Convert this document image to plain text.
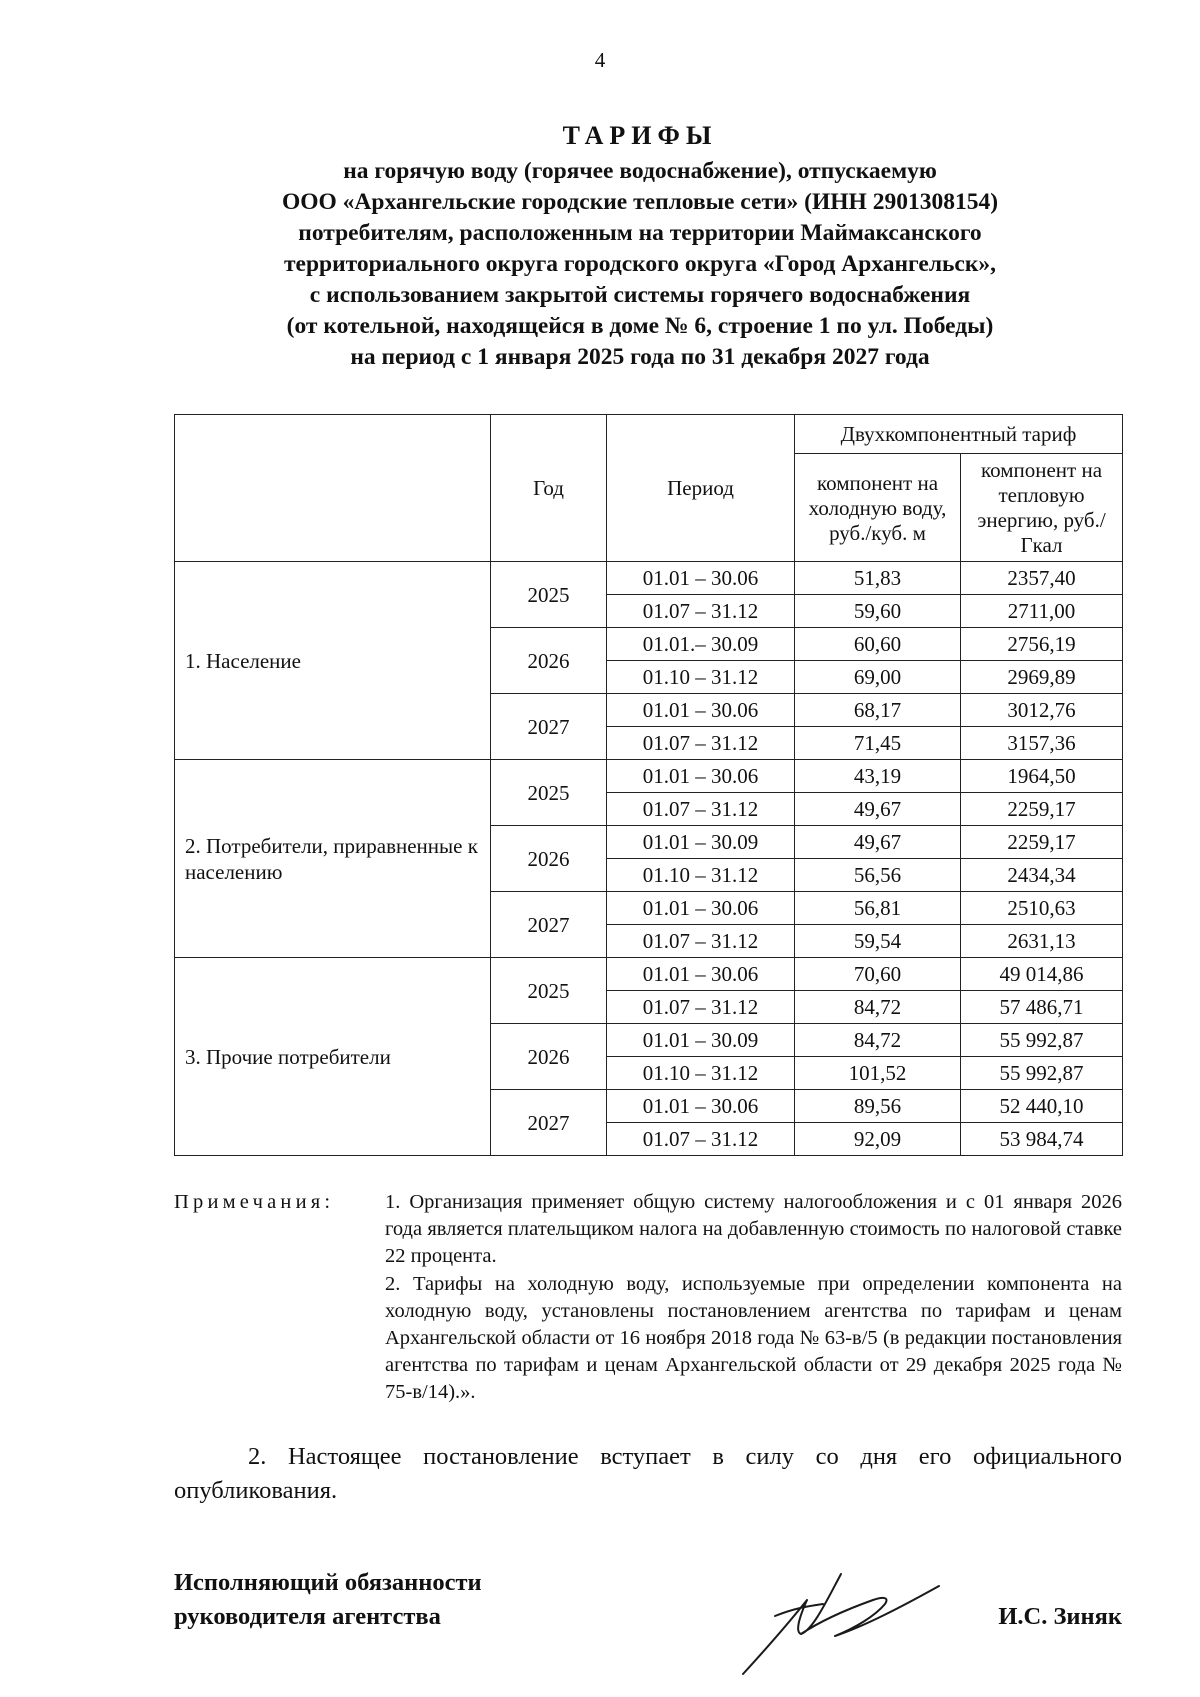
4
ТАРИФЫ
на горячую воду (горячее водоснабжение), отпускаемую
ООО «Архангельские городские тепловые сети» (ИНН 2901308154)
потребителям, расположенным на территории Маймаксанского
территориального округа городского округа «Город Архангельск»,
с использованием закрытой системы горячего водоснабжения
(от котельной, находящейся в доме № 6, строение 1 по ул. Победы)
на период с 1 января 2025 года по 31 декабря 2027 года
	Год	Период	Двухкомпонентный тариф	
			компонент на холодную воду, руб./куб. м	компонент на тепловую энергию, руб./Гкал
1. Население	2025	01.01 – 30.06	51,83	2357,40
		01.07 – 31.12	59,60	2711,00
	2026	01.01.– 30.09	60,60	2756,19
		01.10 – 31.12	69,00	2969,89
	2027	01.01 – 30.06	68,17	3012,76
		01.07 – 31.12	71,45	3157,36
2. Потребители, приравненные к населению	2025	01.01 – 30.06	43,19	1964,50
		01.07 – 31.12	49,67	2259,17
	2026	01.01 – 30.09	49,67	2259,17
		01.10 – 31.12	56,56	2434,34
	2027	01.01 – 30.06	56,81	2510,63
		01.07 – 31.12	59,54	2631,13
3. Прочие потребители	2025	01.01 – 30.06	70,60	49 014,86
		01.07 – 31.12	84,72	57 486,71
	2026	01.01 – 30.09	84,72	55 992,87
		01.10 – 31.12	101,52	55 992,87
	2027	01.01 – 30.06	89,56	52 440,10
		01.07 – 31.12	92,09	53 984,74
Примечания: 1. Организация применяет общую систему налогообложения и с 01 января 2026 года является плательщиком налога на добавленную стоимость по налоговой ставке 22 процента.
2. Тарифы на холодную воду, используемые при определении компонента на холодную воду, установлены постановлением агентства по тарифам и ценам Архангельской области от 16 ноября 2018 года № 63-в/5 (в редакции постановления агентства по тарифам и ценам Архангельской области от 29 декабря 2025 года № 75-в/14).».
2. Настоящее постановление вступает в силу со дня его официального опубликования.
Исполняющий обязанности
руководителя агентства	И.С. Зиняк
